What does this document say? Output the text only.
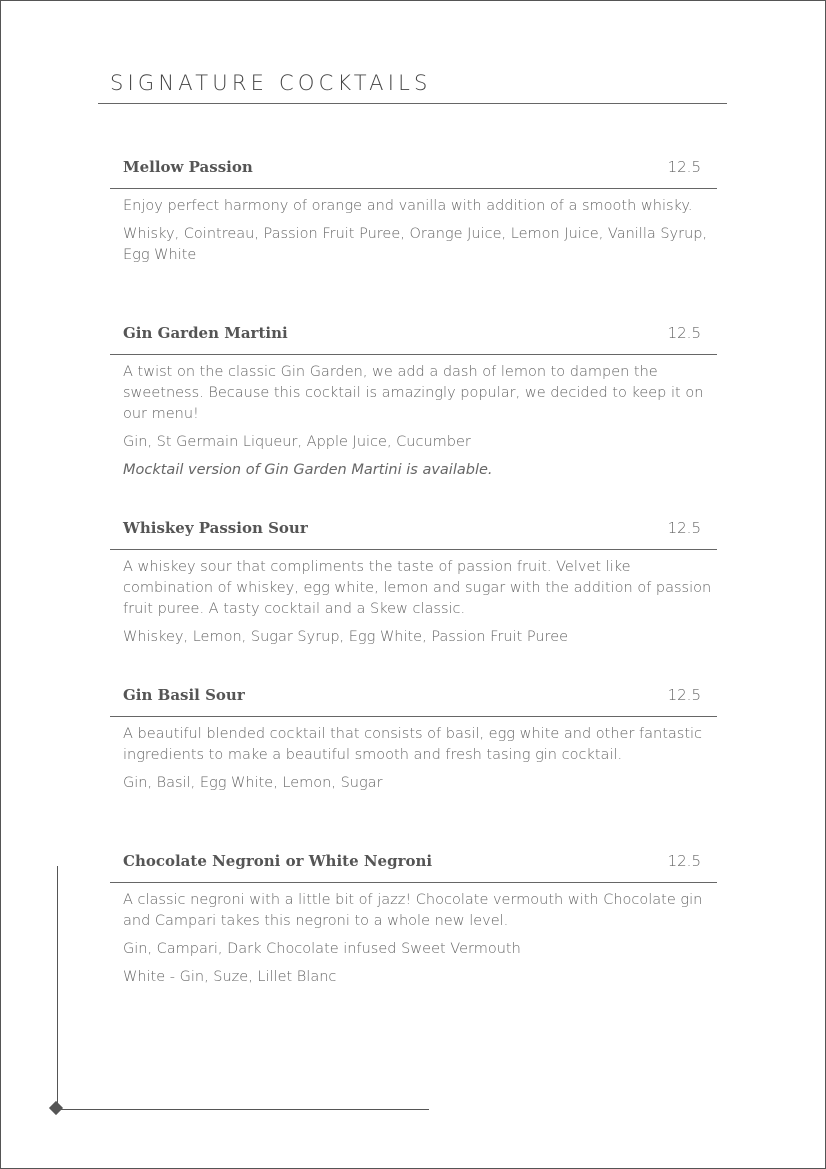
SIGNATURE COCKTAILS
Mellow Passion	12.5

Enjoy perfect harmony of orange and vanilla with addition of a smooth whisky.

Whisky, Cointreau, Passion Fruit Puree, Orange Juice, Lemon Juice, Vanilla Syrup, Egg White

Gin Garden Martini	12.5

A twist on the classic Gin Garden, we add a dash of lemon to dampen the sweetness. Because this cocktail is amazingly popular, we decided to keep it on our menu!

Gin, St Germain Liqueur, Apple Juice, Cucumber

Mocktail version of Gin Garden Martini is available.

Whiskey Passion Sour	12.5

A whiskey sour that compliments the taste of passion fruit. Velvet like combination of whiskey, egg white, lemon and sugar with the addition of passion fruit puree. A tasty cocktail and a Skew classic.

Whiskey, Lemon, Sugar Syrup, Egg White, Passion Fruit Puree

Gin Basil Sour	12.5

A beautiful blended cocktail that consists of basil, egg white and other fantastic ingredients to make a beautiful smooth and fresh tasing gin cocktail.

Gin, Basil, Egg White, Lemon, Sugar

Chocolate Negroni or White Negroni	12.5

A classic negroni with a little bit of jazz! Chocolate vermouth with Chocolate gin and Campari takes this negroni to a whole new level.

Gin, Campari, Dark Chocolate infused Sweet Vermouth

White - Gin, Suze, Lillet Blanc
